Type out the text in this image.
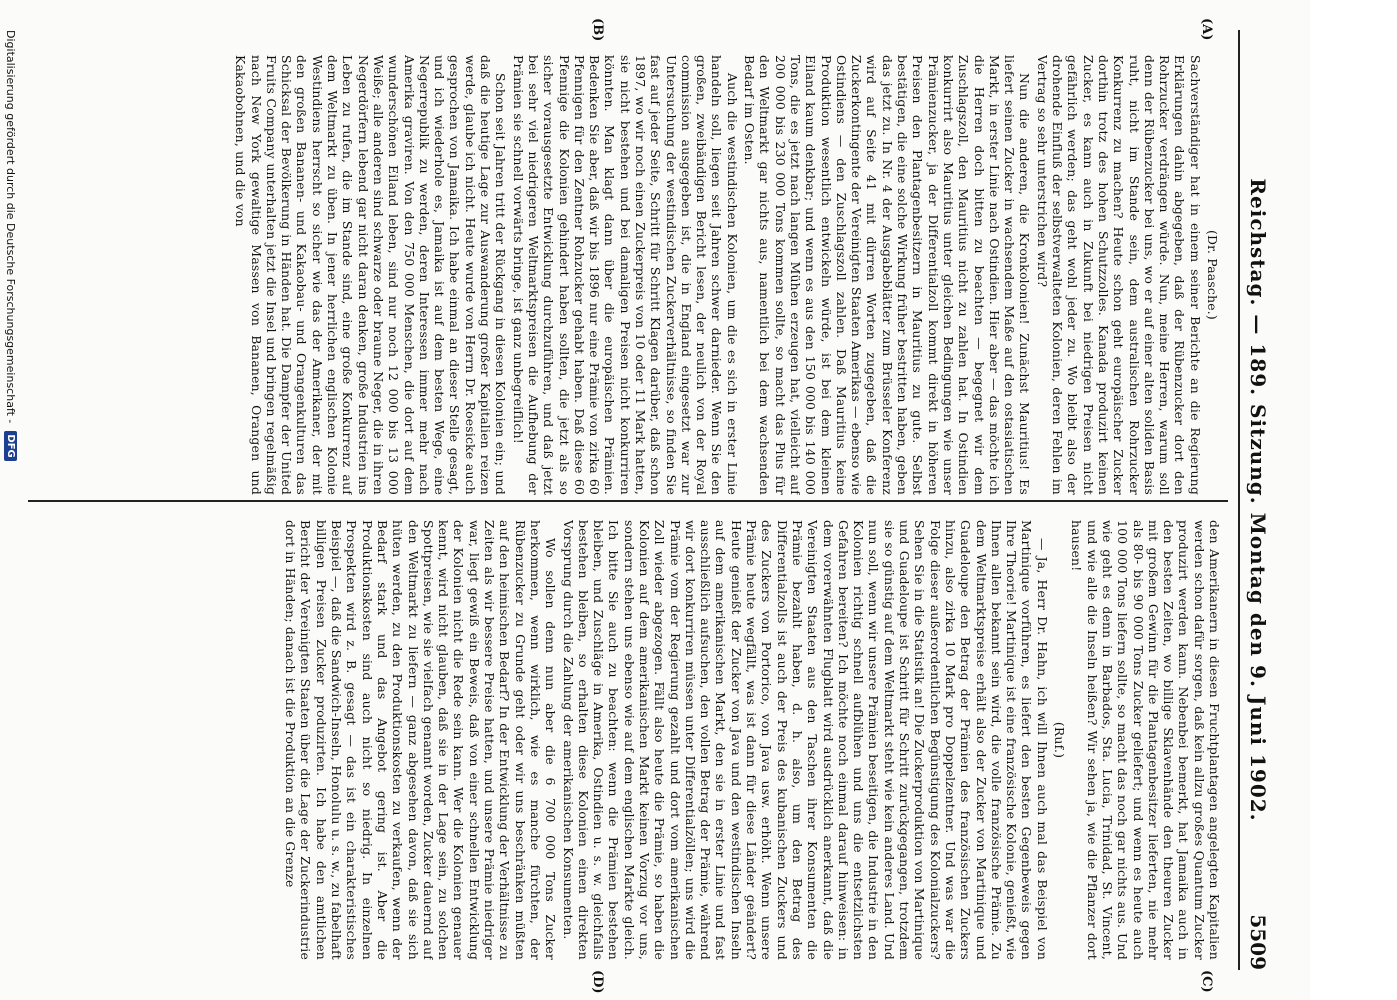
Reichstag. — 189. Sitzung. Montag den 9. Juni 1902.
5509
(A)
(B)
(C)
(D)

(Dr. Paasche.)

Sachverständiger hat in einem seiner Berichte an die Regierung Erklärungen dahin abgegeben, daß der Rübenzucker dort den Rohrzucker verdrängen würde. Nun, meine Herren, warum soll denn der Rübenzucker bei uns, wo er auf einer alten soliden Basis ruht, nicht im Stande sein, dem australischen Rohrzucker Konkurrenz zu machen? Heute schon geht europäischer Zucker dorthin trotz des hohen Schutzzolles. Kanada produzirt keinen Zucker, es kann auch in Zukunft bei niedrigen Preisen nicht gefährlich werden; das geht wohl jeder zu. Wo bleibt also der drohende Einfluß der selbstverwalteten Kolonien, deren Fehlen im Vertrag so sehr unterstrichen wird?

Nun die anderen, die Kronkolonien! Zunächst Mauritius! Es liefert seinen Zucker in wachsendem Maße auf den ostasiatischen Markt, in erster Linie nach Ostindien. Hier aber — das möchte ich die Herren doch bitten zu beachten — begegnet wir dem Zuschlagszoll, den Mauritius nicht zu zahlen hat. In Ostindien konkurrirt also Mauritius unter gleichen Bedingungen wie unser Prämienzucker, ja der Differentialzoll kommt direkt in höheren Preisen den Plantagenbesitzern in Mauritius zu gute. Selbst bestätigen, die eine solche Wirkung früher bestritten haben, geben das jetzt zu. In Nr. 4 der Ausgabeblätter zum Brüsseler Konferenz wird auf Seite 41 mit dürren Worten zugegeben, daß die Zuckerkontingente der Vereinigten Staaten Amerikas — ebenso wie Ostindiens — den Zuschlagszoll zahlen. Daß Mauritius keine Produktion wesentlich entwickeln würde, ist bei dem kleinen Eiland kaum denkbar; und wenn es aus den 150 000 bis 140 000 Tons, die es jetzt nach langen Mühen erzeugen hat, vielleicht auf 200 000 bis 230 000 Tons kommen sollte, so macht das Plus für den Weltmarkt gar nichts aus, namentlich bei dem wachsenden Bedarf im Osten.

Auch die westindischen Kolonien, um die es sich in erster Linie handeln soll, liegen seit Jahren schwer darnieder. Wenn Sie den großen, zweibändigen Bericht lesen, der neulich von der Royal commission ausgegeben ist, die in England eingesetzt war zur Untersuchung der westindischen Zuckerverhältnisse, so finden Sie fast auf jeder Seite, Schritt für Schritt Klagen darüber, daß schon 1897, wo wir noch einen Zuckerpreis von 10 oder 11 Mark hatten, sie nicht bestehen und bei damaligen Preisen nicht konkurriren könnten. Man klagt dann über die europäischen Prämien. Bedenken Sie aber, daß wir bis 1896 nur eine Prämie von zirka 60 Pfennigen für den Zentner Rohzucker gehabt haben. Daß diese 60 Pfennige die Kolonien gehindert haben sollten, die jetzt als so sicher vorausgesetzte Entwicklung durchzuführen, und daß jetzt bei sehr viel niedrigeren Weltmarktspreisen die Aufhebung der Prämien sie schnell vorwärts bringe, ist ganz unbegreiflich!

Schon seit Jahren tritt der Rückgang in diesen Kolonien ein; und daß die heutige Lage zur Auswanderung großer Kapitalien reizen werde, glaube ich nicht. Heute wurde von Herrn Dr. Roesicke auch gesprochen von Jamaika. Ich habe einmal an dieser Stelle gesagt, und ich wiederhole es, Jamaika ist auf dem besten Wege, eine Negerrepublik zu werden, deren Interessen immer mehr nach Amerika graviren. Von den 750 000 Menschen, die dort auf dem wunderschönen Eiland leben, sind nur noch 12 000 bis 13 000 Weiße; alle anderen sind schwarze oder braune Neger, die in ihren Negerdörfern lebend gar nicht daran denken, große Industrien ins Leben zu rufen, die im Stande sind, eine große Konkurrenz auf dem Weltmarkt zu üben. In jener herrlichen englischen Kolonie Westindiens herrscht so sicher wie das der Amerikaner, der mit den großen Bananen- und Kakaobau- und Orangenkulturen das Schicksal der Bevölkerung in Händen hat. Die Dampfer der United Fruits Company unterhalten jetzt die Insel und bringen regelmäßig nach New York gewaltige Massen von Bananen, Orangen und Kakaobohnen, und die von

den Amerikanern in diesen Fruchtplantagen angelegten Kapitalien werden schon dafür sorgen, daß kein allzu großes Quantum Zucker produzirt werden kann. Nebenbei bemerkt, hat Jamaika auch in den besten Zeiten, wo billige Sklavenhände den theuren Zucker mit großem Gewinn für die Plantagenbesitzer lieferten, nie mehr als 80- bis 90 000 Tons Zucker geliefert; und wenn es heute auch 100 000 Tons liefern sollte, so macht das noch gar nichts aus. Und wie geht es denn in Barbados, Sta. Lucia, Trinidad, St. Vincent, und wie alle die Inseln heißen? Wir sehen ja, wie die Pflanzer dort hausen!

(Ruf.)

— Ja, Herr Dr. Hahn, ich will Ihnen auch mal das Beispiel von Martinique vorführen, es liefert den besten Gegenbeweis gegen Ihre Theorie! Martinique ist eine französische Kolonie, genießt, wie Ihnen allen bekannt sein wird, die volle französische Prämie. Zu dem Weltmarktspreise erhält also der Zucker von Martinique und Guadeloupe den Betrag der Prämien des französischen Zuckers hinzu, also zirka 10 Mark pro Doppelzentner. Und was war die Folge dieser außerordentlichen Begünstigung des Kolonialzuckers? Sehen Sie in die Statistik an! Die Zuckerproduktion von Martinique und Guadeloupe ist Schritt für Schritt zurückgegangen, trotzdem sie so günstig auf dem Weltmarkt steht wie kein anderes Land. Und nun soll, wenn wir unsere Prämien beseitigen, die Industrie in den Kolonien richtig schnell aufblühen und uns die entsetzlichsten Gefahren bereiten? Ich möchte noch einmal darauf hinweisen: in dem vorerwähnten Flugblatt wird ausdrücklich anerkannt, daß die Vereinigten Staaten aus den Taschen ihrer Konsumenten die Prämie bezahlt haben, d. h. also, um den Betrag des Differentialzolls ist auch der Preis des kubanischen Zuckers und des Zuckers von Portorico, von Java usw. erhöht. Wenn unsere Prämie heute wegfällt, was ist dann für diese Länder geändert? Heute genießt der Zucker von Java und den westindischen Inseln auf dem amerikanischen Markt, den sie in erster Linie und fast ausschließlich aufsuchen, den vollen Betrag der Prämie, während wir dort konkurriren müssen unter Differentialzöllen; uns wird die Prämie vom der Regierung gezahlt und dort vom amerikanischen Zoll wieder abgezogen. Fällt also heute die Prämie, so haben die Kolonien auf dem amerikanischen Markt keinen Vorzug vor uns, sondern stehen uns ebenso wie auf dem englischen Markte gleich. Ich bitte Sie auch zu beachten: wenn die Prämien bestehen bleiben, und Zuschläge in Amerika, Ostindien u. s. w. gleichfalls bestehen bleiben, so erhalten diese Kolonien einen direkten Vorsprung durch die Zahlung der amerikanischen Konsumenten.

Wo sollen denn nun aber die 6 700 000 Tons Zucker herkommen, wenn wirklich, wie es manche fürchten, der Rübenzucker zu Grunde geht oder wir uns beschränken müßten auf den heimischen Bedarf? In der Entwicklung der Verhältnisse zu Zeiten als wir bessere Preise hatten, und unsere Prämie niedriger war, liegt gewiß ein Beweis, daß von einer schnellen Entwicklung der Kolonien nicht die Rede sein kann. Wer die Kolonien genauer kennt, wird nicht glauben, daß sie in der Lage sein, zu solchen Spottpreisen, wie sie vielfach genannt worden, Zucker dauernd auf den Weltmarkt zu liefern — ganz abgesehen davon, daß sie sich hüten werden, zu den Produktionskosten zu verkaufen, wenn der Bedarf stark und das Angebot gering ist. Aber die Produktionskosten sind auch nicht so niedrig. In einzelnen Prospekten wird z. B. gesagt — das ist ein charakteristisches Beispiel —, daß die Sandwich-Inseln, Honolulu u. s. w., zu fabelhaft billigen Preisen Zucker produzirten. Ich habe den amtlichen Bericht der Vereinigten Staaten über die Lage der Zuckerindustrie dort in Händen; danach ist die Produktion an die Grenze

Digitalisierung gefördert durch die Deutsche Forschungsgemeinschaft -
DFG
